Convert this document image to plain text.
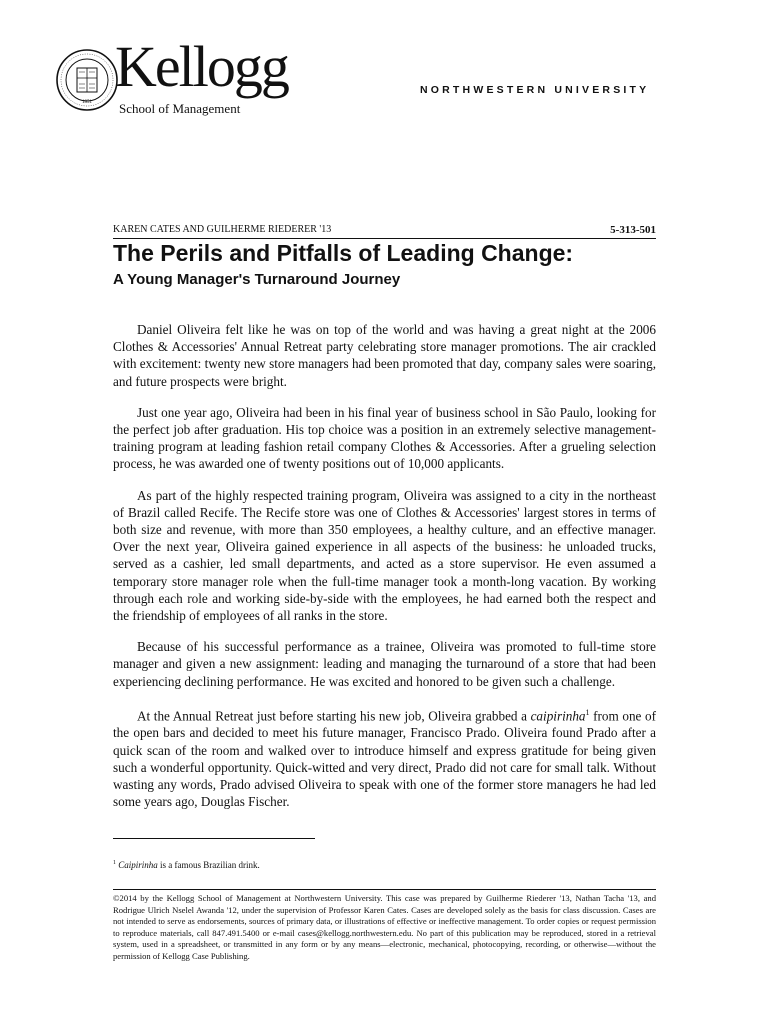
1851
Kellogg
School of Management
NORTHWESTERN UNIVERSITY
KAREN CATES AND GUILHERME RIEDERER '13	5-313-501
The Perils and Pitfalls of Leading Change:
A Young Manager's Turnaround Journey

Daniel Oliveira felt like he was on top of the world and was having a great night at the 2006 Clothes & Accessories' Annual Retreat party celebrating store manager promotions. The air crackled with excitement: twenty new store managers had been promoted that day, company sales were soaring, and future prospects were bright.

Just one year ago, Oliveira had been in his final year of business school in São Paulo, looking for the perfect job after graduation. His top choice was a position in an extremely selective management-training program at leading fashion retail company Clothes & Accessories. After a grueling selection process, he was awarded one of twenty positions out of 10,000 applicants.

As part of the highly respected training program, Oliveira was assigned to a city in the northeast of Brazil called Recife. The Recife store was one of Clothes & Accessories' largest stores in terms of both size and revenue, with more than 350 employees, a healthy culture, and an effective manager. Over the next year, Oliveira gained experience in all aspects of the business: he unloaded trucks, served as a cashier, led small departments, and acted as a store supervisor. He even assumed a temporary store manager role when the full-time manager took a month-long vacation. By working through each role and working side-by-side with the employees, he had earned both the respect and the friendship of employees of all ranks in the store.

Because of his successful performance as a trainee, Oliveira was promoted to full-time store manager and given a new assignment: leading and managing the turnaround of a store that had been experiencing declining performance. He was excited and honored to be given such a challenge.

At the Annual Retreat just before starting his new job, Oliveira grabbed a caipirinha$^1$ from one of the open bars and decided to meet his future manager, Francisco Prado. Oliveira found Prado after a quick scan of the room and walked over to introduce himself and express gratitude for being given such a wonderful opportunity. Quick-witted and very direct, Prado did not care for small talk. Without wasting any words, Prado advised Oliveira to speak with one of the former store managers he had led some years ago, Douglas Fischer.

$^1$ Caipirinha is a famous Brazilian drink.
©2014 by the Kellogg School of Management at Northwestern University. This case was prepared by Guilherme Riederer '13, Nathan Tacha '13, and Rodrigue Ulrich Nselel Awanda '12, under the supervision of Professor Karen Cates. Cases are developed solely as the basis for class discussion. Cases are not intended to serve as endorsements, sources of primary data, or illustrations of effective or ineffective management. To order copies or request permission to reproduce materials, call 847.491.5400 or e-mail cases@kellogg.northwestern.edu. No part of this publication may be reproduced, stored in a retrieval system, used in a spreadsheet, or transmitted in any form or by any means—electronic, mechanical, photocopying, recording, or otherwise—without the permission of Kellogg Case Publishing.
